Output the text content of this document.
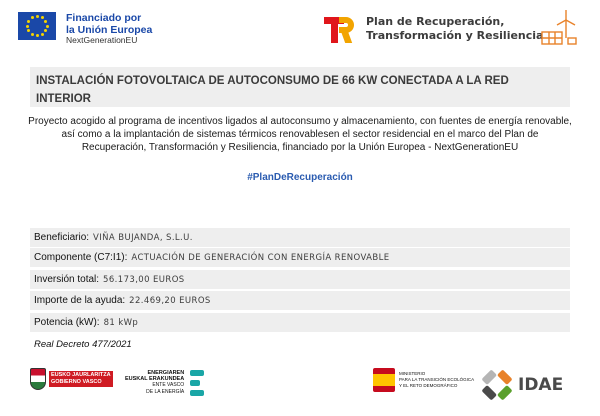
Financiado por
la Unión Europea
NextGenerationEU
Plan de Recuperación,
Transformación y Resiliencia
INSTALACIÓN FOTOVOLTAICA DE AUTOCONSUMO DE 66 KW CONECTADA A LA RED INTERIOR
Proyecto acogido al programa de incentivos ligados al autoconsumo y almacenamiento, con fuentes de energía renovable, así como a la implantación de sistemas térmicos renovablesen el sector residencial en el marco del Plan de Recuperación, Transformación y Resiliencia, financiado por la Unión Europea - NextGenerationEU
#PlanDeRecuperación
Beneficiario: VIÑA BUJANDA, S.L.U.
Componente (C7:I1): ACTUACIÓN DE GENERACIÓN CON ENERGÍA RENOVABLE
Inversión total: 56.173,00 EUROS
Importe de la ayuda: 22.469,20 EUROS
Potencia (kW): 81 kWp
Real Decreto 477/2021
EUSKO JAURLARITZA
GOBIERNO VASCO
ENERGIAREN
EUSKAL ERAKUNDEA
ENTE VASCO
DE LA ENERGÍA
MINISTERIO
PARA LA TRANSICIÓN ECOLÓGICA
Y EL RETO DEMOGRÁFICO	IDAE
